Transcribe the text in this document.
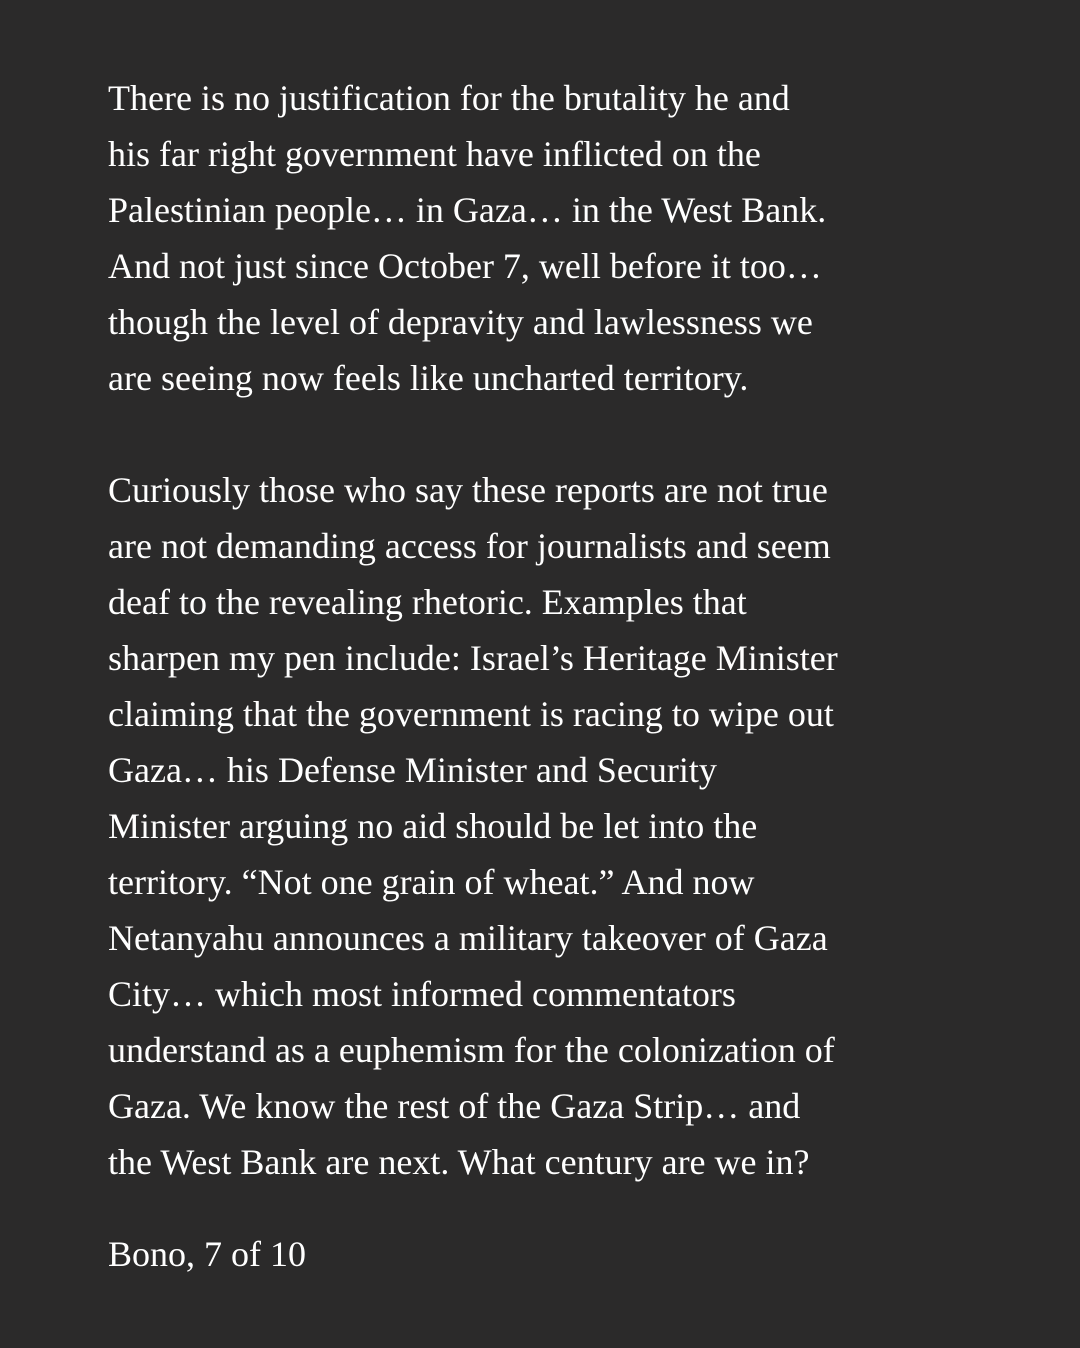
There is no justification for the brutality he and
his far right government have inflicted on the
Palestinian people… in Gaza… in the West Bank.
And not just since October 7, well before it too…
though the level of depravity and lawlessness we
are seeing now feels like uncharted territory.
Curiously those who say these reports are not true
are not demanding access for journalists and seem
deaf to the revealing rhetoric. Examples that
sharpen my pen include: Israel’s Heritage Minister
claiming that the government is racing to wipe out
Gaza… his Defense Minister and Security
Minister arguing no aid should be let into the
territory. “Not one grain of wheat.” And now
Netanyahu announces a military takeover of Gaza
City… which most informed commentators
understand as a euphemism for the colonization of
Gaza. We know the rest of the Gaza Strip… and
the West Bank are next. What century are we in?
Bono, 7 of 10
